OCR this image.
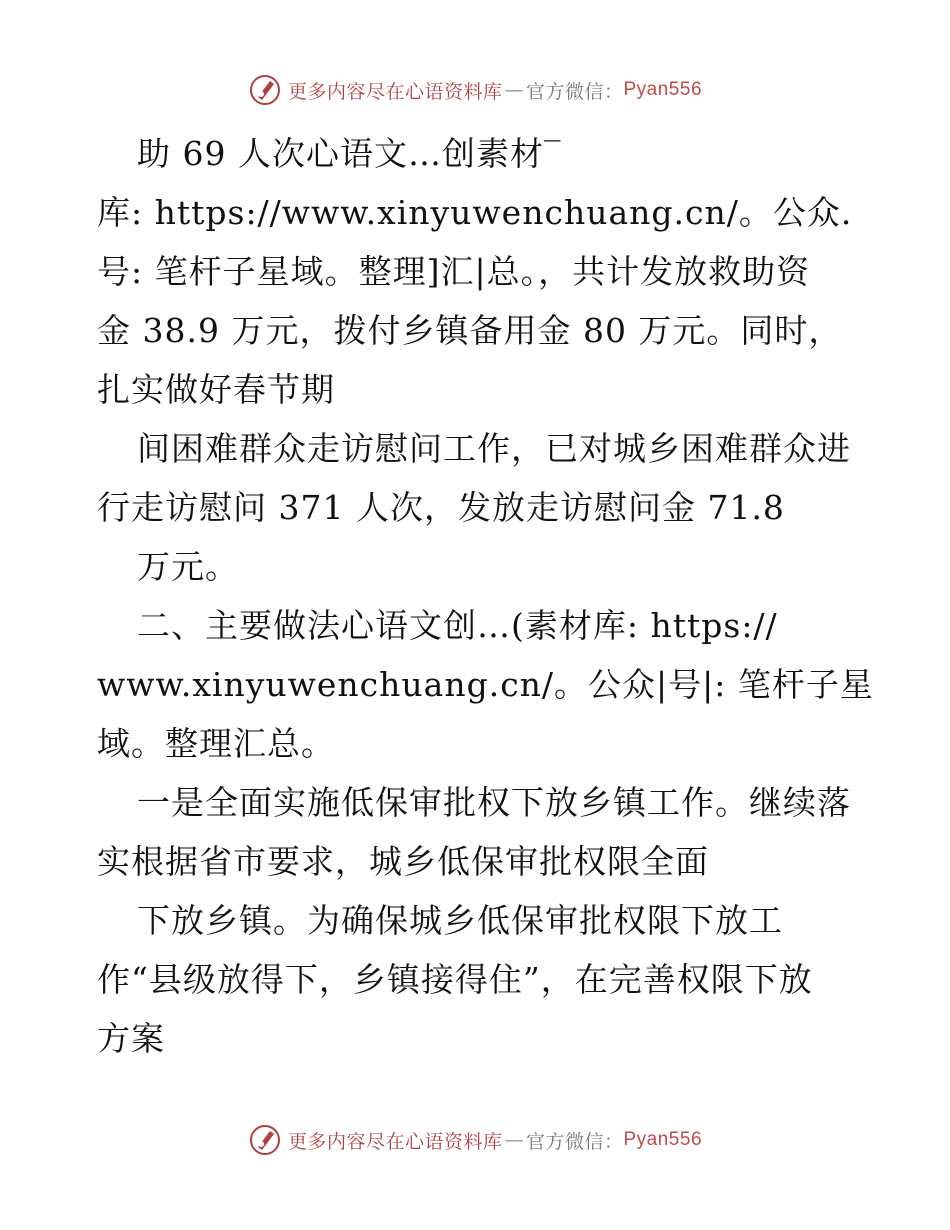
更多内容尽在心语资料库 — 官方微信： Pyan556
助 69 人次心语文…创素材‾
库: https://www.xinyuwenchuang.cn/。公众.
号: 笔杆子星域。整理]汇|总。，共计发放救助资
金 38.9 万元，拨付乡镇备用金 80 万元。同时，
扎实做好春节期
间困难群众走访慰问工作，已对城乡困难群众进
行走访慰问 371 人次，发放走访慰问金 71.8
万元。
二、主要做法心语文创…(素材库: https://
www.xinyuwenchuang.cn/。公众|号|: 笔杆子星
域。整理汇总。
一是全面实施低保审批权下放乡镇工作。继续落
实根据省市要求，城乡低保审批权限全面
下放乡镇。为确保城乡低保审批权限下放工
作“县级放得下，乡镇接得住”，在完善权限下放
方案
更多内容尽在心语资料库 — 官方微信： Pyan556
